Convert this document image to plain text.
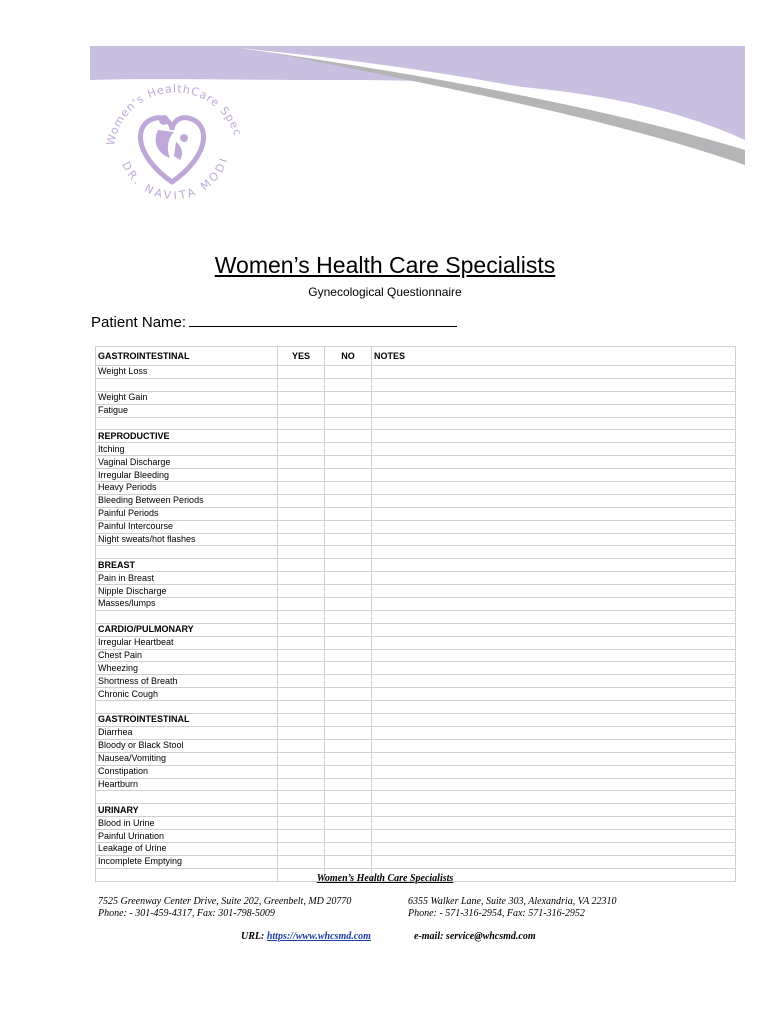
Women's HealthCare Specialists
DR. NAVITA MODI
Women’s Health Care Specialists
Gynecological Questionnaire
Patient Name:
GASTROINTESTINAL	YES	NO	NOTES
Weight Loss			

Weight Gain			
Fatigue			

REPRODUCTIVE			
Itching			
Vaginal Discharge			
Irregular Bleeding			
Heavy Periods			
Bleeding Between Periods			
Painful Periods			
Painful Intercourse			
Night sweats/hot flashes			

BREAST			
Pain in Breast			
Nipple Discharge			
Masses/lumps			

CARDIO/PULMONARY			
Irregular Heartbeat			
Chest Pain			
Wheezing			
Shortness of Breath			
Chronic Cough			

GASTROINTESTINAL			
Diarrhea			
Bloody or Black Stool			
Nausea/Vomiting			
Constipation			
Heartburn			

URINARY			
Blood in Urine			
Painful Urination			
Leakage of Urine			
Incomplete Emptying			

Women’s Health Care Specialists
7525 Greenway Center Drive, Suite 202, Greenbelt, MD 20770
Phone: - 301-459-4317, Fax: 301-798-5009
6355 Walker Lane, Suite 303, Alexandria, VA 22310
Phone: - 571-316-2954, Fax: 571-316-2952
URL: https://www.whcsmd.com	e-mail: service@whcsmd.com
